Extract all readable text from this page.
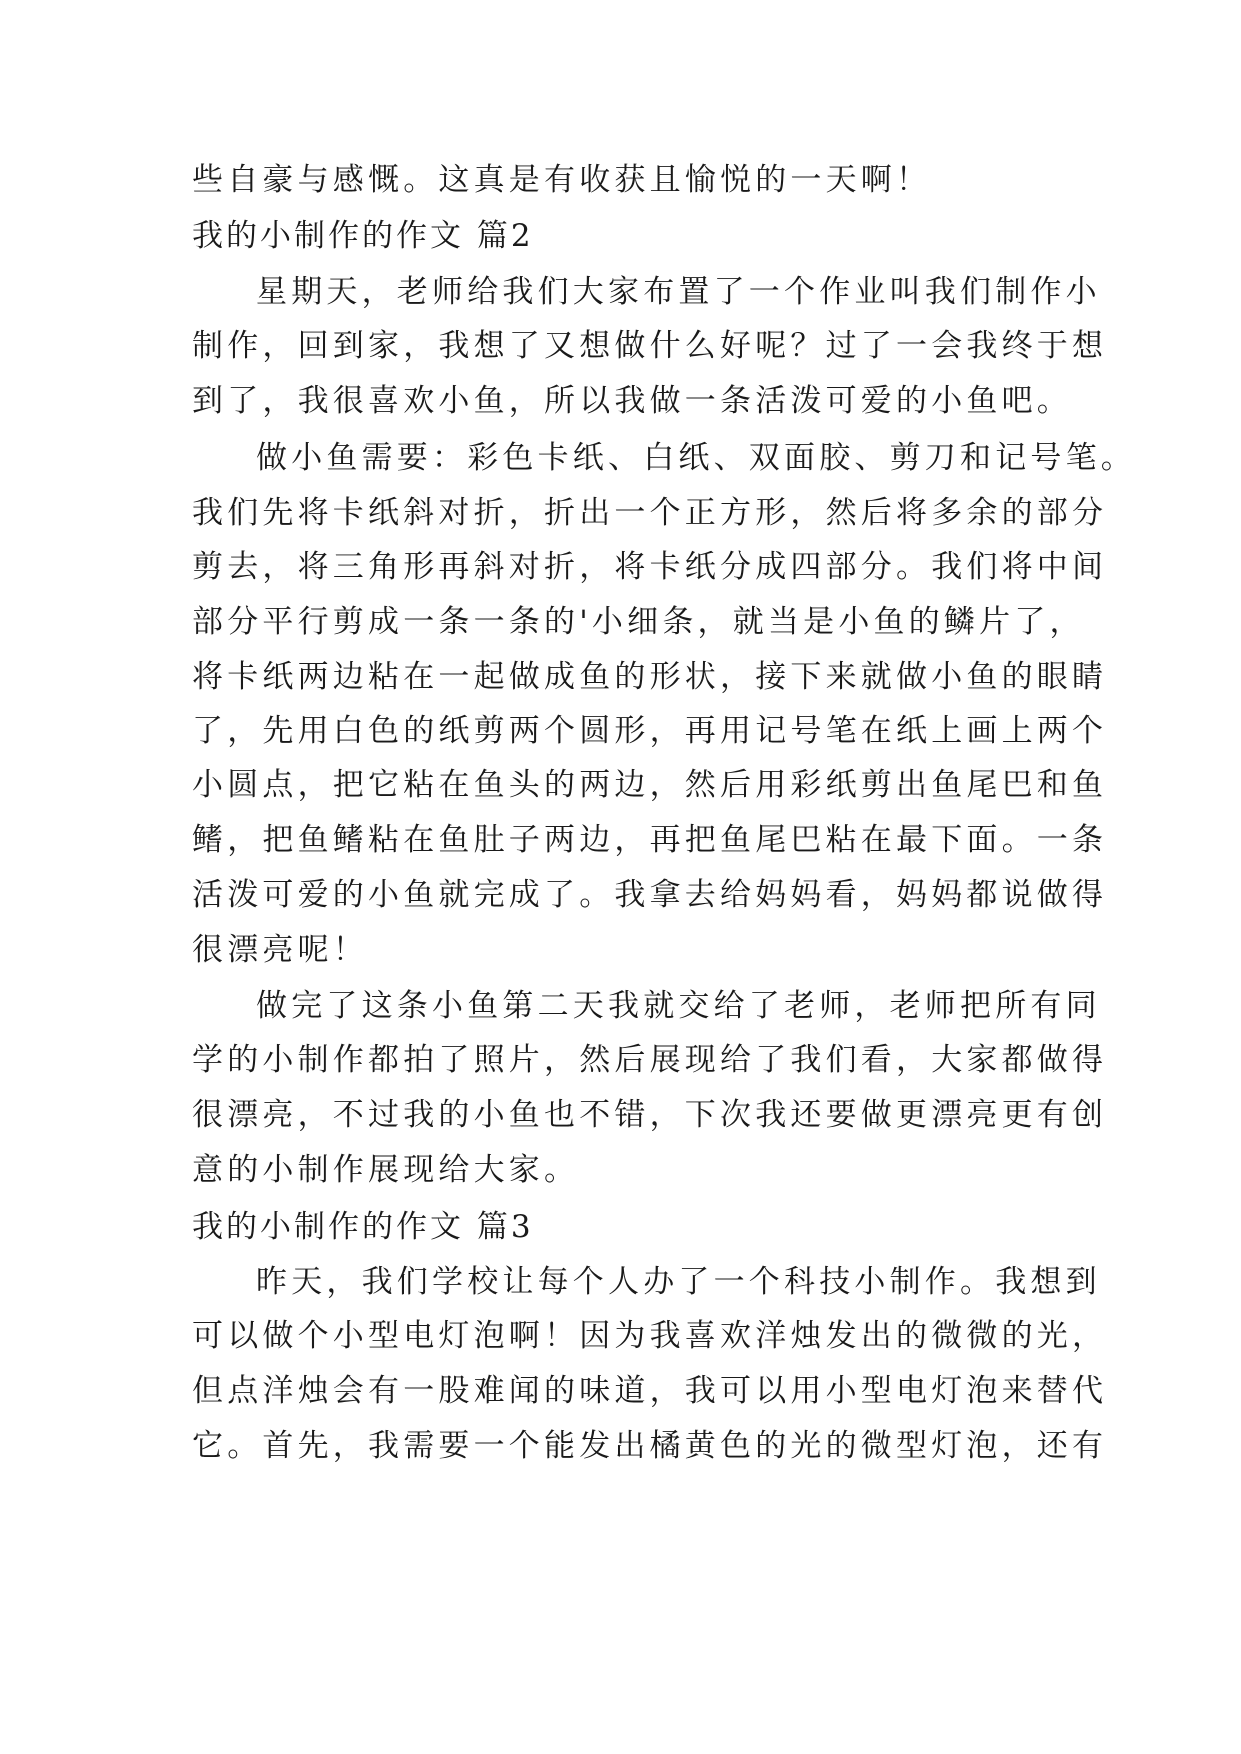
些自豪与感慨。这真是有收获且愉悦的一天啊！
我的小制作的作文 篇2
星期天，老师给我们大家布置了一个作业叫我们制作小
制作，回到家，我想了又想做什么好呢？过了一会我终于想
到了，我很喜欢小鱼，所以我做一条活泼可爱的小鱼吧。
做小鱼需要：彩色卡纸、白纸、双面胶、剪刀和记号笔。
我们先将卡纸斜对折，折出一个正方形，然后将多余的部分
剪去，将三角形再斜对折，将卡纸分成四部分。我们将中间
部分平行剪成一条一条的'小细条，就当是小鱼的鳞片了，
将卡纸两边粘在一起做成鱼的形状，接下来就做小鱼的眼睛
了，先用白色的纸剪两个圆形，再用记号笔在纸上画上两个
小圆点，把它粘在鱼头的两边，然后用彩纸剪出鱼尾巴和鱼
鳍，把鱼鳍粘在鱼肚子两边，再把鱼尾巴粘在最下面。一条
活泼可爱的小鱼就完成了。我拿去给妈妈看，妈妈都说做得
很漂亮呢！
做完了这条小鱼第二天我就交给了老师，老师把所有同
学的小制作都拍了照片，然后展现给了我们看，大家都做得
很漂亮，不过我的小鱼也不错，下次我还要做更漂亮更有创
意的小制作展现给大家。
我的小制作的作文 篇3
昨天，我们学校让每个人办了一个科技小制作。我想到
可以做个小型电灯泡啊！因为我喜欢洋烛发出的微微的光，
但点洋烛会有一股难闻的味道，我可以用小型电灯泡来替代
它。首先，我需要一个能发出橘黄色的光的微型灯泡，还有
